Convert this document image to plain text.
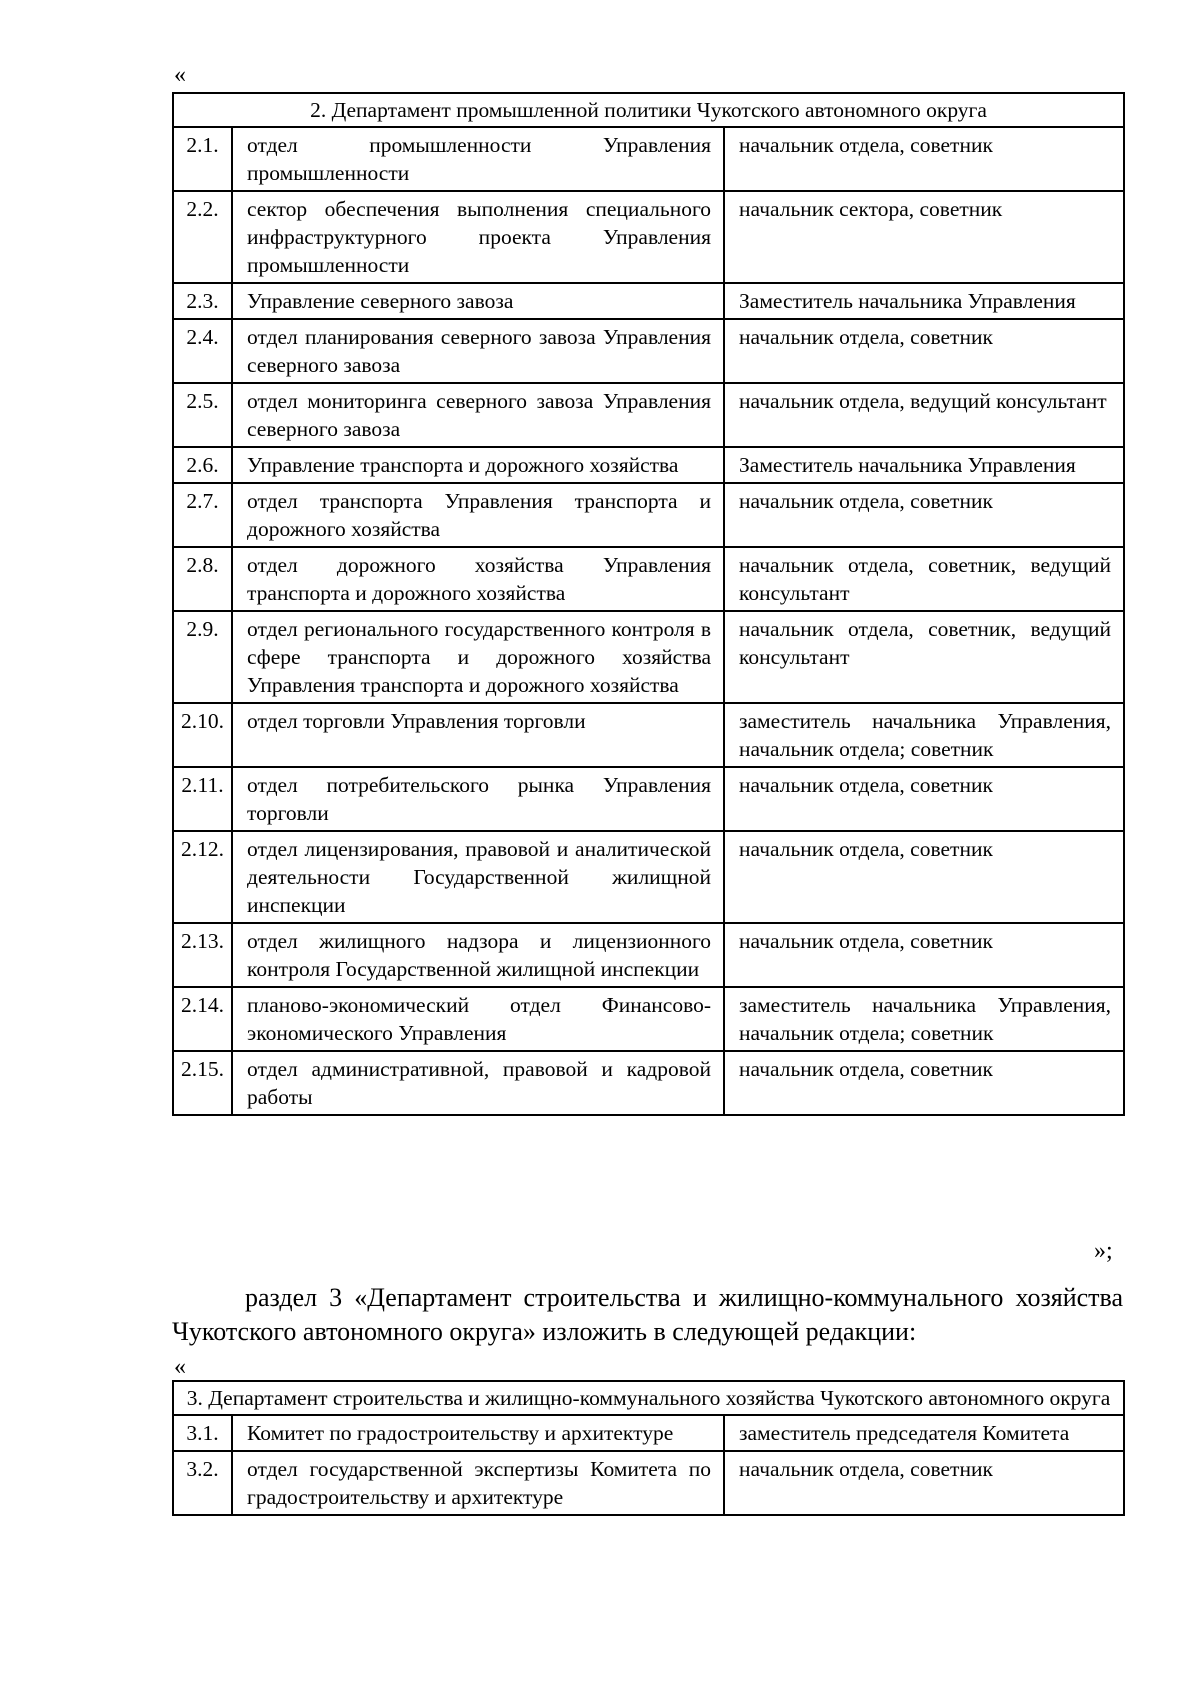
«
2. Департамент промышленной политики Чукотского автономного округа		
2.1.	отдел промышленности Управления промышленности	начальник отдела, советник
2.2.	сектор обеспечения выполнения специального инфраструктурного проекта Управления промышленности	начальник сектора, советник
2.3.	Управление северного завоза	Заместитель начальника Управления
2.4.	отдел планирования северного завоза Управления северного завоза	начальник отдела, советник
2.5.	отдел мониторинга северного завоза Управления северного завоза	начальник отдела, ведущий консультант
2.6.	Управление транспорта и дорожного хозяйства	Заместитель начальника Управления
2.7.	отдел транспорта Управления транспорта и дорожного хозяйства	начальник отдела, советник
2.8.	отдел дорожного хозяйства Управления транспорта и дорожного хозяйства	начальник отдела, советник, ведущий консультант
2.9.	отдел регионального государственного контроля в сфере транспорта и дорожного хозяйства Управления транспорта и дорожного хозяйства	начальник отдела, советник, ведущий консультант
2.10.	отдел торговли Управления торговли	заместитель начальника Управления, начальник отдела; советник
2.11.	отдел потребительского рынка Управления торговли	начальник отдела, советник
2.12.	отдел лицензирования, правовой и аналитической деятельности Государственной жилищной инспекции	начальник отдела, советник
2.13.	отдел жилищного надзора и лицензионного контроля Государственной жилищной инспекции	начальник отдела, советник
2.14.	планово-экономический отдел Финансово-экономического Управления	заместитель начальника Управления, начальник отдела; советник
2.15.	отдел административной, правовой и кадровой работы	начальник отдела, советник
»;
раздел 3 «Департамент строительства и жилищно-коммунального хозяйства Чукотского автономного округа» изложить в следующей редакции:
«
3. Департамент строительства и жилищно-коммунального хозяйства Чукотского автономного округа		
3.1.	Комитет по градостроительству и архитектуре	заместитель председателя Комитета
3.2.	отдел государственной экспертизы Комитета по градостроительству и архитектуре	начальник отдела, советник
